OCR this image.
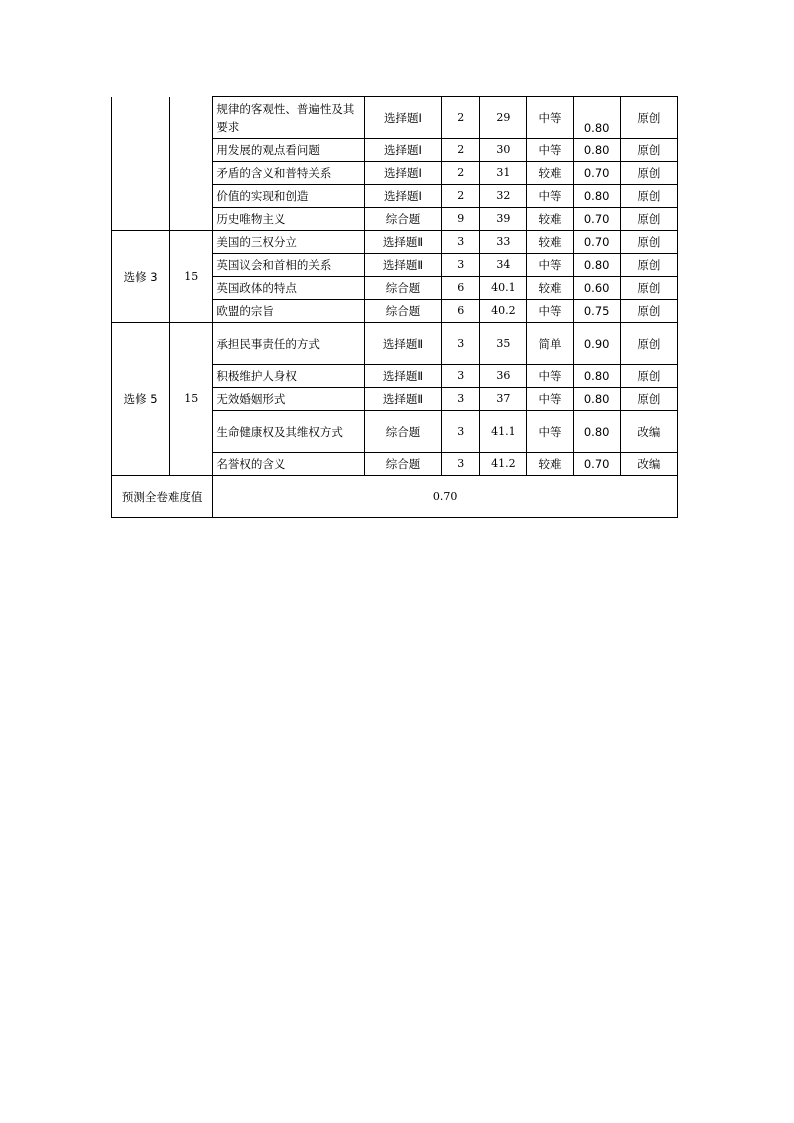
		规律的客观性、普遍性及其要求	选择题Ⅰ	2	29	中等	0.80	原创
		用发展的观点看问题	选择题Ⅰ	2	30	中等	0.80	原创
		矛盾的含义和普特关系	选择题Ⅰ	2	31	较难	0.70	原创
		价值的实现和创造	选择题Ⅰ	2	32	中等	0.80	原创
		历史唯物主义	综合题	9	39	较难	0.70	原创
选修 3	15	美国的三权分立	选择题Ⅱ	3	33	较难	0.70	原创
		英国议会和首相的关系	选择题Ⅱ	3	34	中等	0.80	原创
		英国政体的特点	综合题	6	40.1	较难	0.60	原创
		欧盟的宗旨	综合题	6	40.2	中等	0.75	原创
选修 5	15	承担民事责任的方式	选择题Ⅱ	3	35	简单	0.90	原创
		积极维护人身权	选择题Ⅱ	3	36	中等	0.80	原创
		无效婚姻形式	选择题Ⅱ	3	37	中等	0.80	原创
		生命健康权及其维权方式	综合题	3	41.1	中等	0.80	改编
		名誉权的含义	综合题	3	41.2	较难	0.70	改编
预测全卷难度值		0.70						
